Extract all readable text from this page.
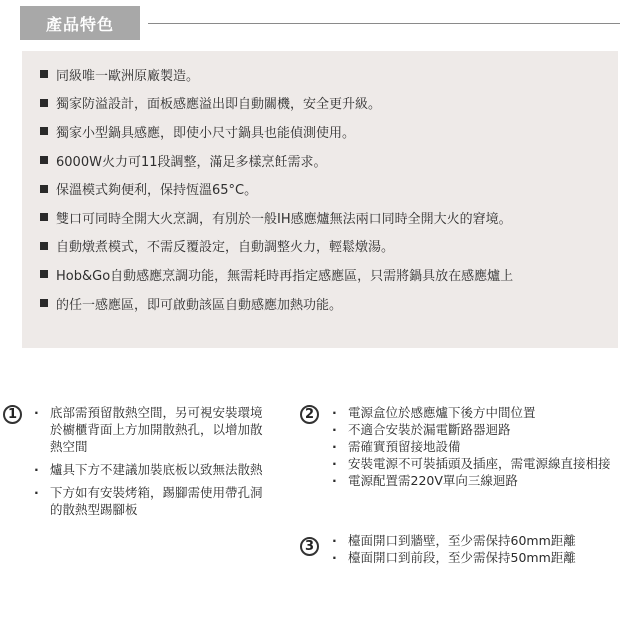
產品特色
同級唯一歐洲原廠製造。
獨家防溢設計，面板感應溢出即自動關機，安全更升級。
獨家小型鍋具感應，即使小尺寸鍋具也能偵測使用。
6000W火力可11段調整，滿足多樣烹飪需求。
保溫模式夠便利，保持恆溫65°C。
雙口可同時全開大火烹調，有別於一般IH感應爐無法兩口同時全開大火的窘境。
自動燉煮模式，不需反覆設定，自動調整火力，輕鬆燉湯。
Hob&Go自動感應烹調功能，無需耗時再指定感應區，只需將鍋具放在感應爐上
的任一感應區，即可啟動該區自動感應加熱功能。
1	· 底部需預留散熱空間，另可視安裝環境於櫥櫃背面上方加開散熱孔，以增加散熱空間
· 爐具下方不建議加裝底板以致無法散熱
· 下方如有安裝烤箱，踢腳需使用帶孔洞的散熱型踢腳板
2	· 電源盒位於感應爐下後方中間位置
· 不適合安裝於漏電斷路器迴路
· 需確實預留接地設備
· 安裝電源不可裝插頭及插座，需電源線直接相接
· 電源配置需220V單向三線迴路
3	· 檯面開口到牆壁，至少需保持60mm距離
· 檯面開口到前段，至少需保持50mm距離
